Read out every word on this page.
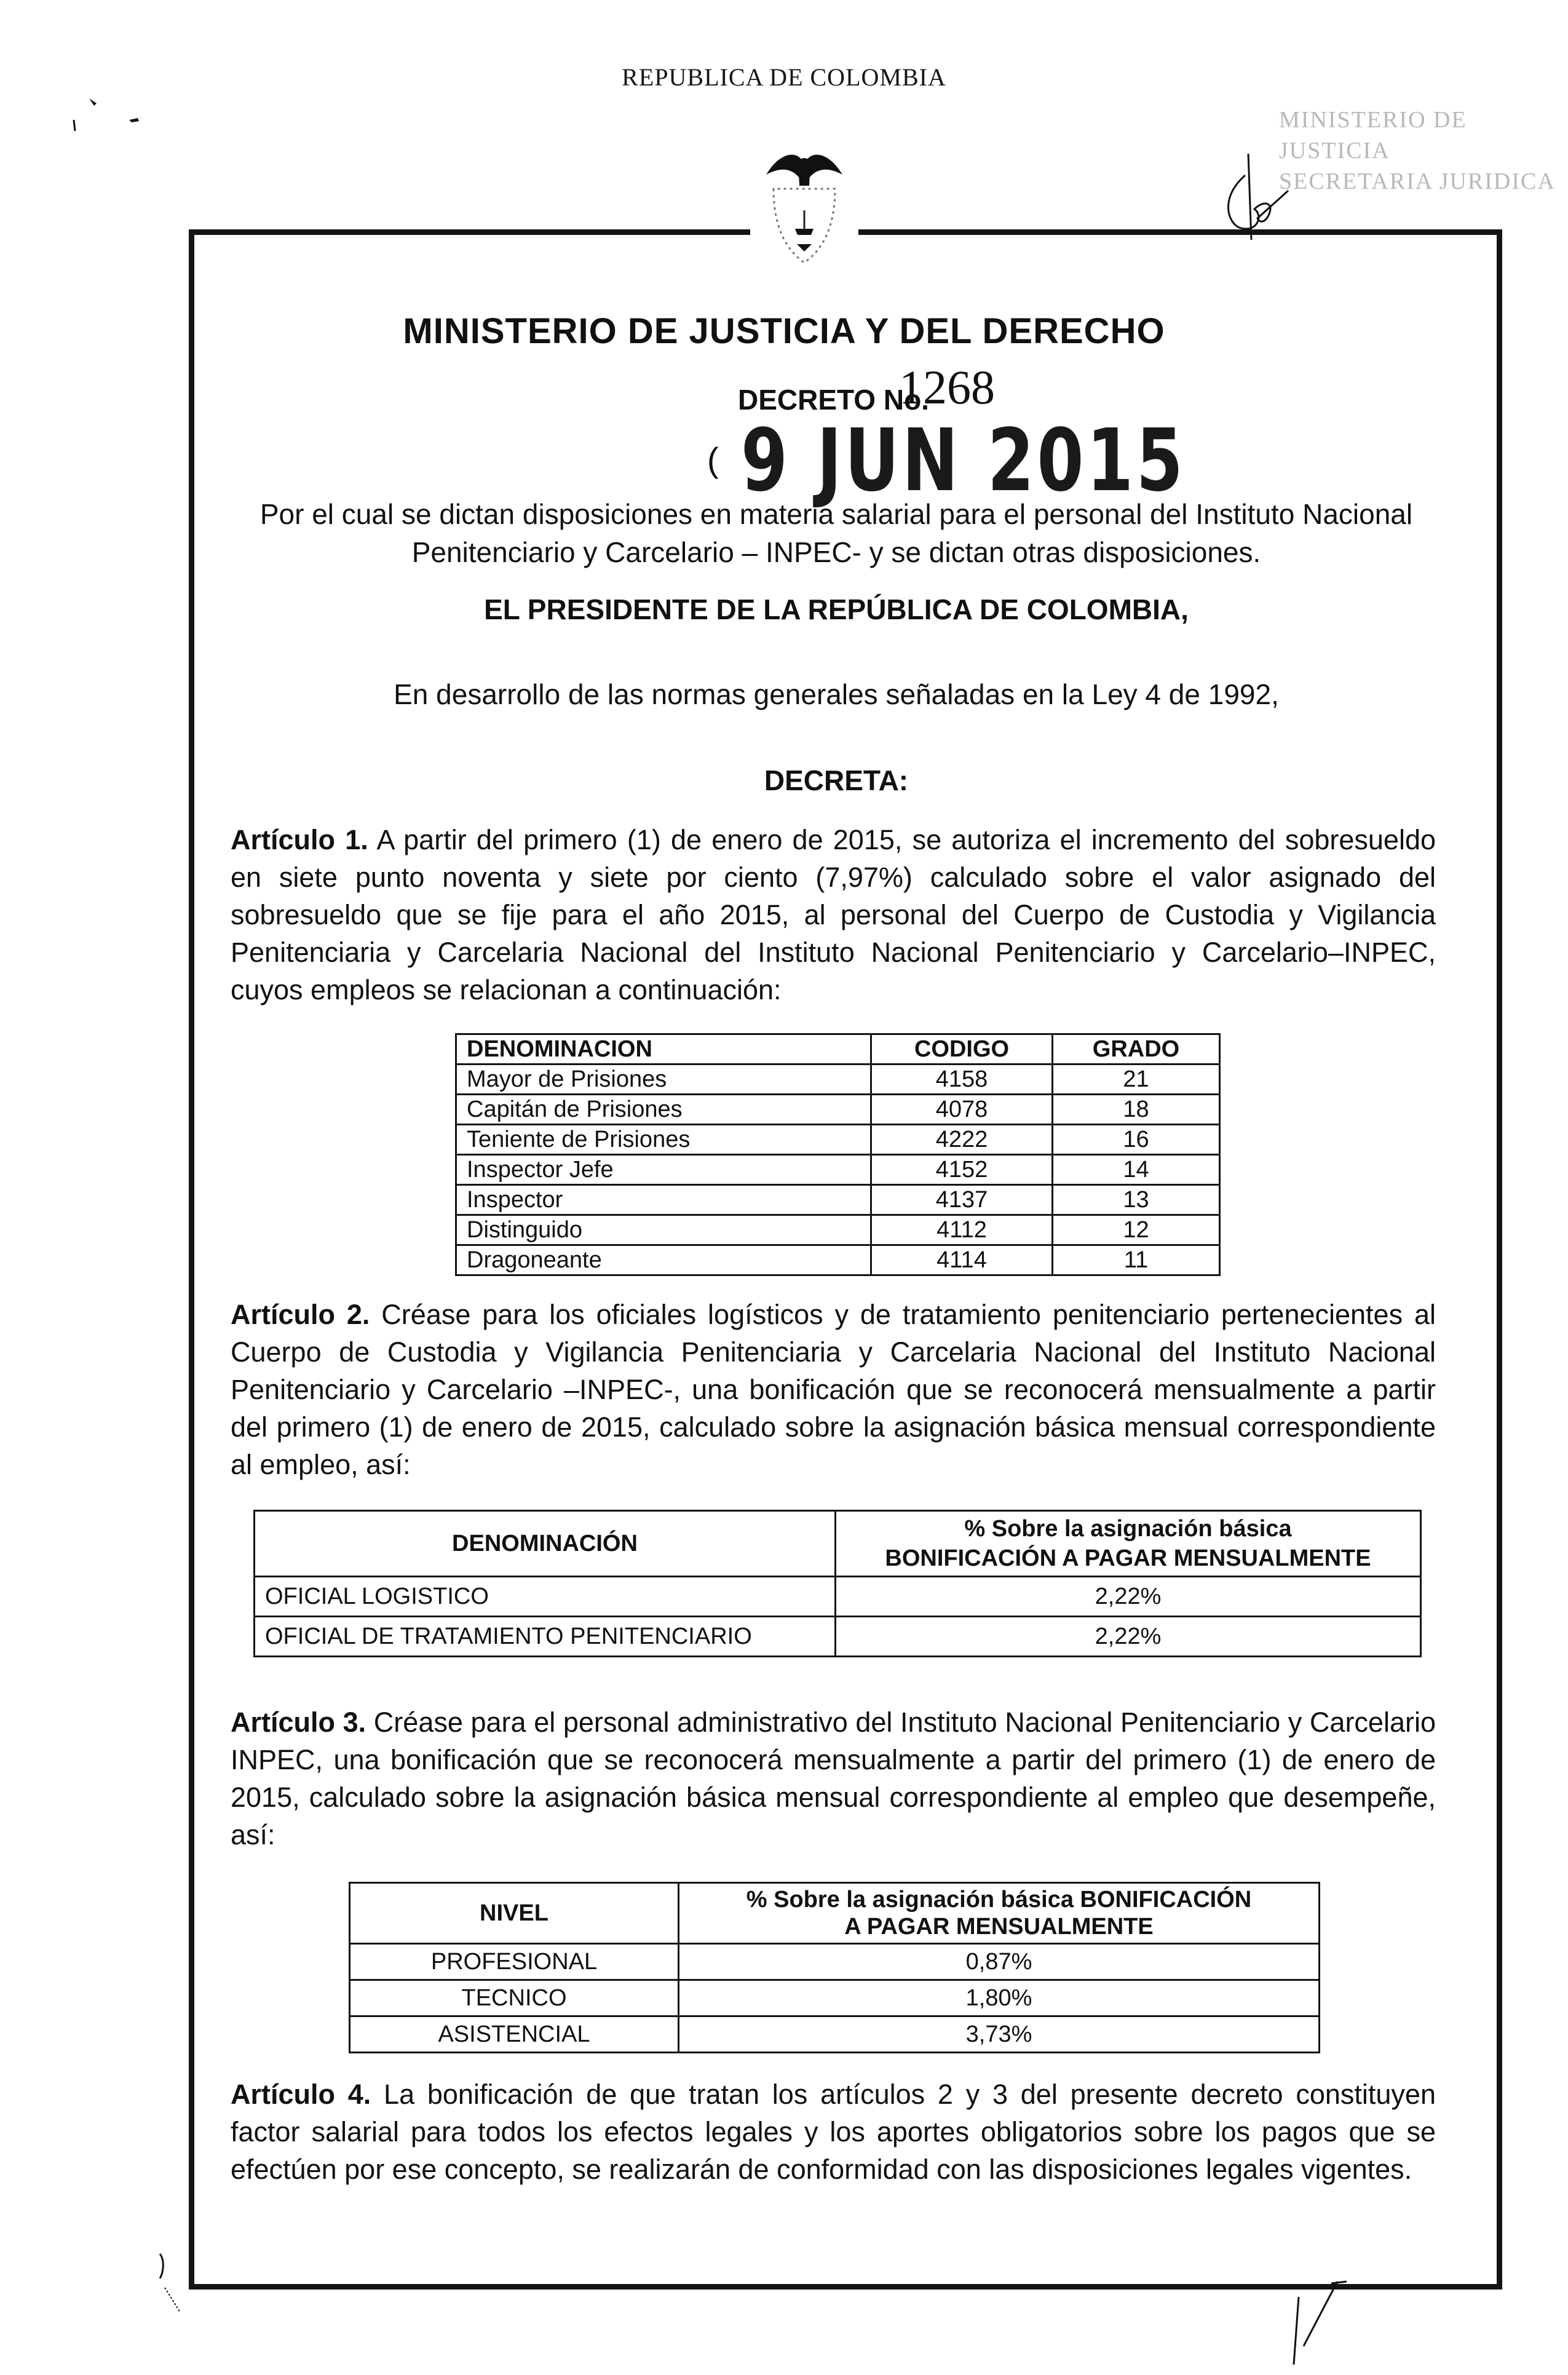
REPUBLICA DE COLOMBIA
MINISTERIO DE JUSTICIA
SECRETARIA JURIDICA
MINISTERIO DE JUSTICIA Y DEL DERECHO
DECRETO No.
1268
( 9 JUN 2015
Por el cual se dictan disposiciones en materia salarial para el personal del Instituto Nacional Penitenciario y Carcelario – INPEC- y se dictan otras disposiciones.
EL PRESIDENTE DE LA REPÚBLICA DE COLOMBIA,
En desarrollo de las normas generales señaladas en la Ley 4 de 1992,
DECRETA:
Artículo 1. A partir del primero (1) de enero de 2015, se autoriza el incremento del sobresueldo en siete punto noventa y siete por ciento (7,97%) calculado sobre el valor asignado del sobresueldo que se fije para el año 2015, al personal del Cuerpo de Custodia y Vigilancia Penitenciaria y Carcelaria Nacional del Instituto Nacional Penitenciario y Carcelario–INPEC, cuyos empleos se relacionan a continuación:
DENOMINACION	CODIGO	GRADO
Mayor de Prisiones	4158	21
Capitán de Prisiones	4078	18
Teniente de Prisiones	4222	16
Inspector Jefe	4152	14
Inspector	4137	13
Distinguido	4112	12
Dragoneante	4114	11
Artículo 2. Créase para los oficiales logísticos y de tratamiento penitenciario pertenecientes al Cuerpo de Custodia y Vigilancia Penitenciaria y Carcelaria Nacional del Instituto Nacional Penitenciario y Carcelario –INPEC-, una bonificación que se reconocerá mensualmente a partir del primero (1) de enero de 2015, calculado sobre la asignación básica mensual correspondiente al empleo, así:
DENOMINACIÓN	% Sobre la asignación básica
BONIFICACIÓN A PAGAR MENSUALMENTE

OFICIAL LOGISTICO	2,22%
OFICIAL DE TRATAMIENTO PENITENCIARIO	2,22%
Artículo 3. Créase para el personal administrativo del Instituto Nacional Penitenciario y Carcelario INPEC, una bonificación que se reconocerá mensualmente a partir del primero (1) de enero de 2015, calculado sobre la asignación básica mensual correspondiente al empleo que desempeñe, así:
NIVEL	% Sobre la asignación básica BONIFICACIÓN
A PAGAR MENSUALMENTE

PROFESIONAL	0,87%
TECNICO	1,80%
ASISTENCIAL	3,73%
Artículo 4. La bonificación de que tratan los artículos 2 y 3 del presente decreto constituyen factor salarial para todos los efectos legales y los aportes obligatorios sobre los pagos que se efectúen por ese concepto, se realizarán de conformidad con las disposiciones legales vigentes.
